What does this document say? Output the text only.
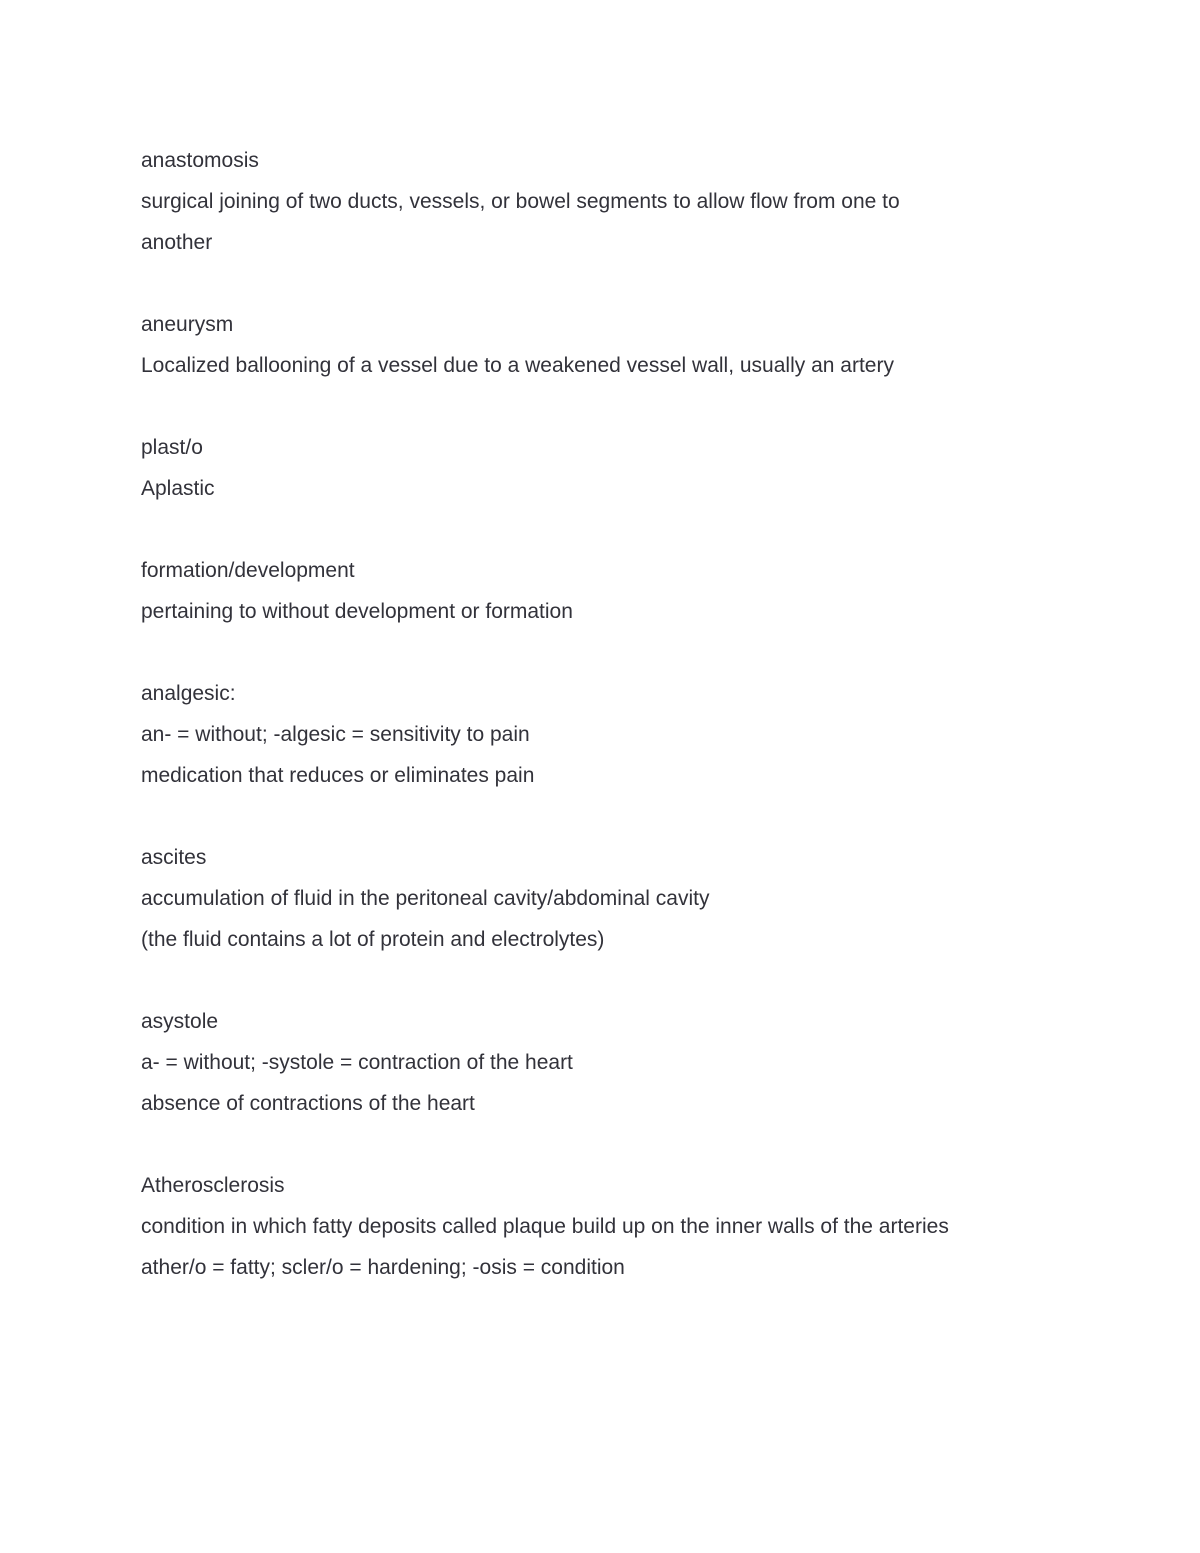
anastomosis
surgical joining of two ducts, vessels, or bowel segments to allow flow from one to
another
aneurysm
Localized ballooning of a vessel due to a weakened vessel wall, usually an artery
plast/o
Aplastic
formation/development
pertaining to without development or formation
analgesic:
an- = without; -algesic = sensitivity to pain
medication that reduces or eliminates pain
ascites
accumulation of fluid in the peritoneal cavity/abdominal cavity
(the fluid contains a lot of protein and electrolytes)
asystole
a- = without; -systole = contraction of the heart
absence of contractions of the heart
Atherosclerosis
condition in which fatty deposits called plaque build up on the inner walls of the arteries
ather/o = fatty; scler/o = hardening; -osis = condition
